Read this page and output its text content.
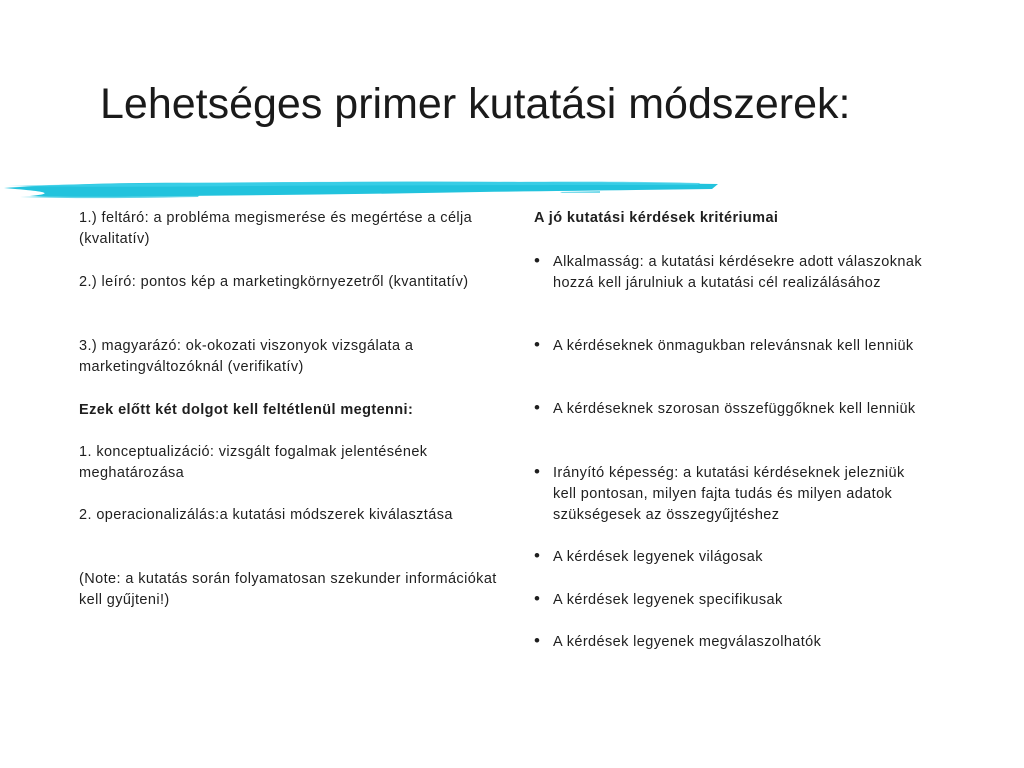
Lehetséges primer kutatási módszerek:

1.) feltáró: a probléma megismerése és megértése a célja (kvalitatív)

2.) leíró: pontos kép a marketingkörnyezetről (kvantitatív)

3.) magyarázó: ok-okozati viszonyok vizsgálata a marketingváltozóknál (verifikatív)

Ezek előtt két dolgot kell feltétlenül megtenni:

1. konceptualizáció: vizsgált fogalmak jelentésének meghatározása

2. operacionalizálás:a kutatási módszerek kiválasztása

(Note: a kutatás során folyamatosan szekunder információkat kell gyűjteni!)

A jó kutatási kérdések kritériumai
• Alkalmasság: a kutatási kérdésekre adott válaszoknak hozzá kell járulniuk a kutatási cél realizálásához
• A kérdéseknek önmagukban relevánsnak kell lenniük
• A kérdéseknek szorosan összefüggőknek kell lenniük
• Irányító képesség: a kutatási kérdéseknek jelezniük kell pontosan, milyen fajta tudás és milyen adatok szükségesek az összegyűjtéshez
• A kérdések legyenek világosak
• A kérdések legyenek specifikusak
• A kérdések legyenek megválaszolhatók
